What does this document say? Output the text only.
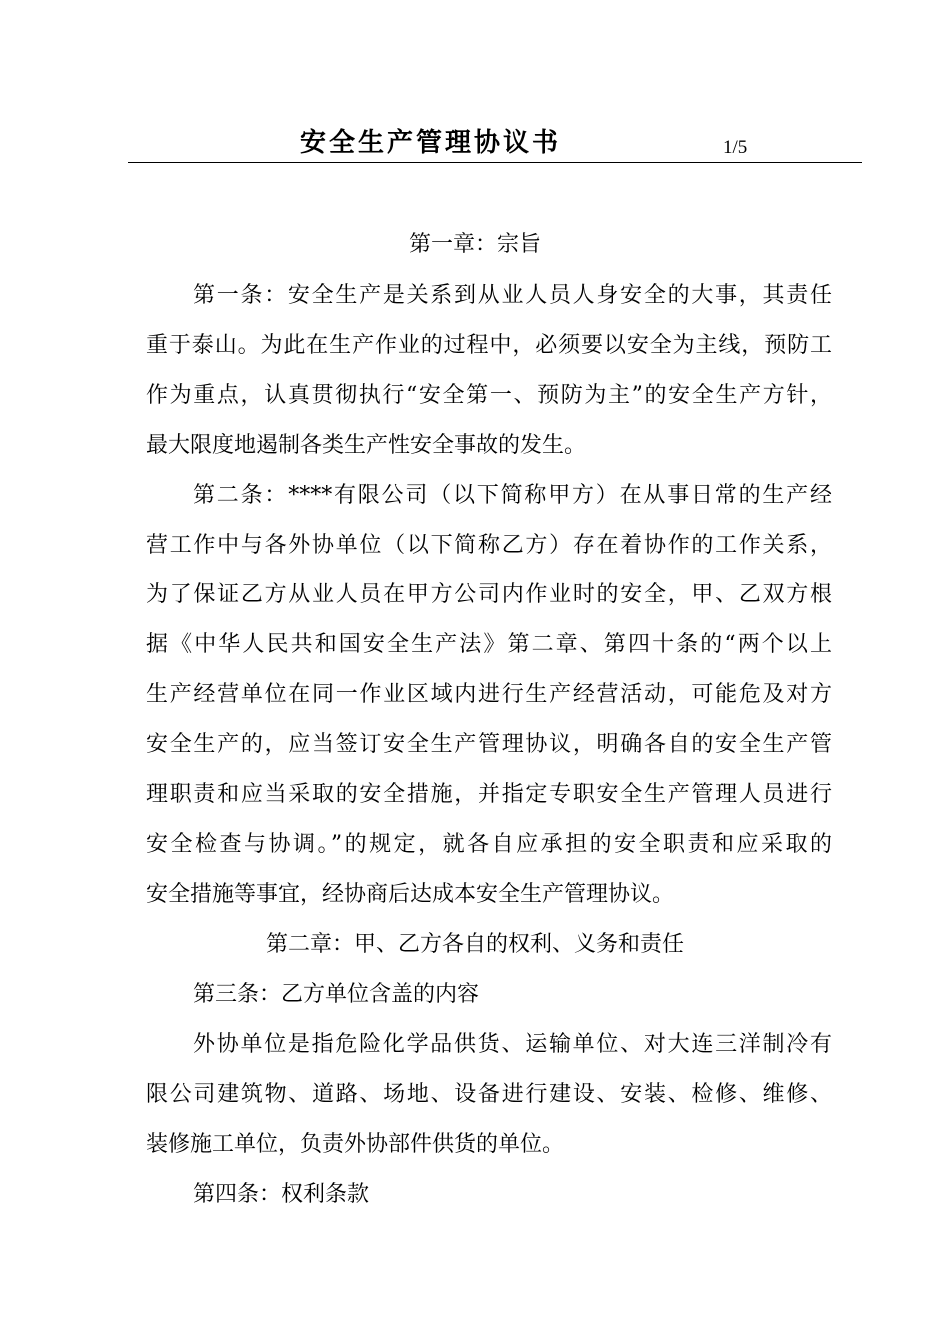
安全生产管理协议书	1/5
第一章：宗旨
第一条：安全生产是关系到从业人员人身安全的大事，其责任
重于泰山。为此在生产作业的过程中，必须要以安全为主线，预防工
作为重点，认真贯彻执行“安全第一、预防为主”的安全生产方针，
最大限度地遏制各类生产性安全事故的发生。
第二条：****有限公司（以下简称甲方）在从事日常的生产经
营工作中与各外协单位（以下简称乙方）存在着协作的工作关系，
为了保证乙方从业人员在甲方公司内作业时的安全，甲、乙双方根
据《中华人民共和国安全生产法》第二章、第四十条的“两个以上
生产经营单位在同一作业区域内进行生产经营活动，可能危及对方
安全生产的，应当签订安全生产管理协议，明确各自的安全生产管
理职责和应当采取的安全措施，并指定专职安全生产管理人员进行
安全检查与协调。”的规定，就各自应承担的安全职责和应采取的
安全措施等事宜，经协商后达成本安全生产管理协议。
第二章：甲、乙方各自的权利、义务和责任
第三条：乙方单位含盖的内容
外协单位是指危险化学品供货、运输单位、对大连三洋制冷有
限公司建筑物、道路、场地、设备进行建设、安装、检修、维修、
装修施工单位，负责外协部件供货的单位。
第四条：权利条款
